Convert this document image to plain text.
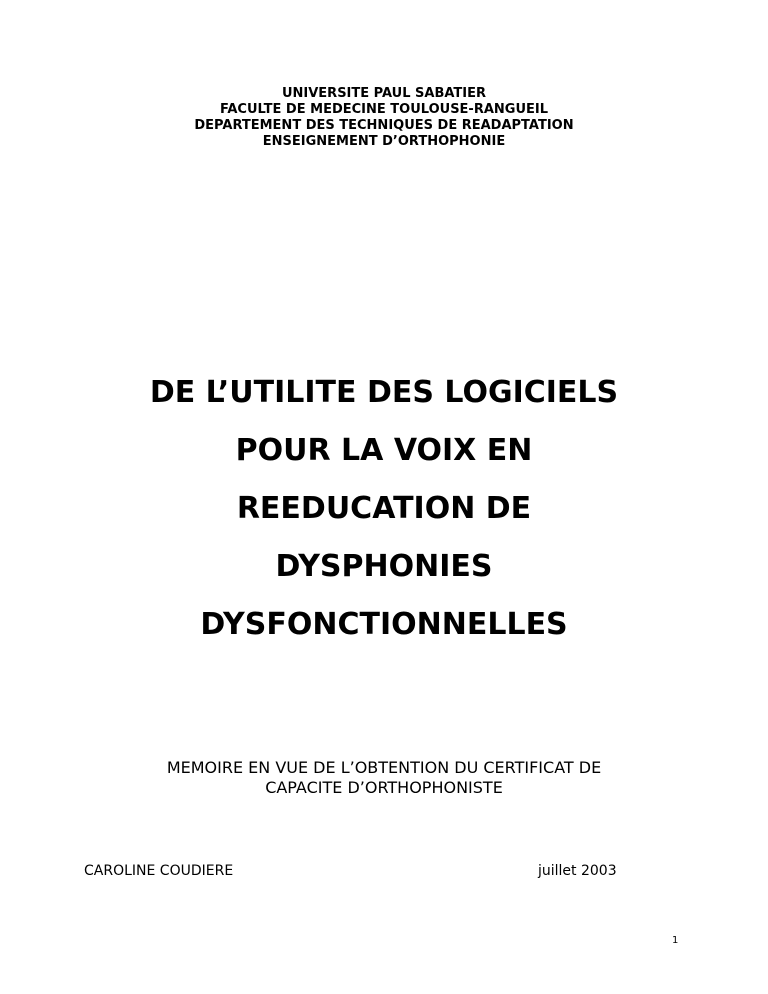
UNIVERSITE PAUL SABATIER
FACULTE DE MEDECINE TOULOUSE-RANGUEIL
DEPARTEMENT DES TECHNIQUES DE READAPTATION
ENSEIGNEMENT D’ORTHOPHONIE
DE L’UTILITE DES LOGICIELS
POUR LA VOIX EN
REEDUCATION DE
DYSPHONIES
DYSFONCTIONNELLES
MEMOIRE EN VUE DE L’OBTENTION DU CERTIFICAT DE
CAPACITE D’ORTHOPHONISTE
CAROLINE COUDIERE	juillet 2003
1
